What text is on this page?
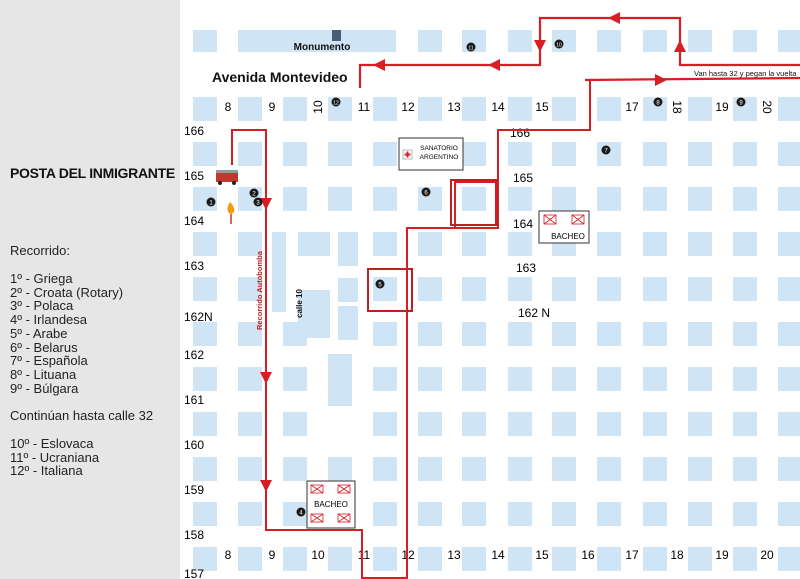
POSTA DEL INMIGRANTE
Recorrido:
1º - Griega
2º - Croata (Rotary)
3º - Polaca
4º - Irlandesa
5º - Arabe
6º - Belarus
7º - Española
8º - Lituana
9º - Búlgara
Continúan hasta calle 32
10º - Eslovaca
11º - Ucraniana
12º - Italiana
Monumento
Avenida Montevideo	Van hasta 32 y pegan la vuelta
8	9	10	11	12	13	14	15	17	18	19	20
8	9	10	11	12	13	14	15	16	17	18	19	20
166
165
164
163
162N
162
161
160
159
158
157
166
165
164
163
162 N
SANATORIO
ARGENTINO
BACHEO
BACHEO
Recorrido Autobomba	calle 10
1
2
3
4
5
6
7
8	9
10
11
12
